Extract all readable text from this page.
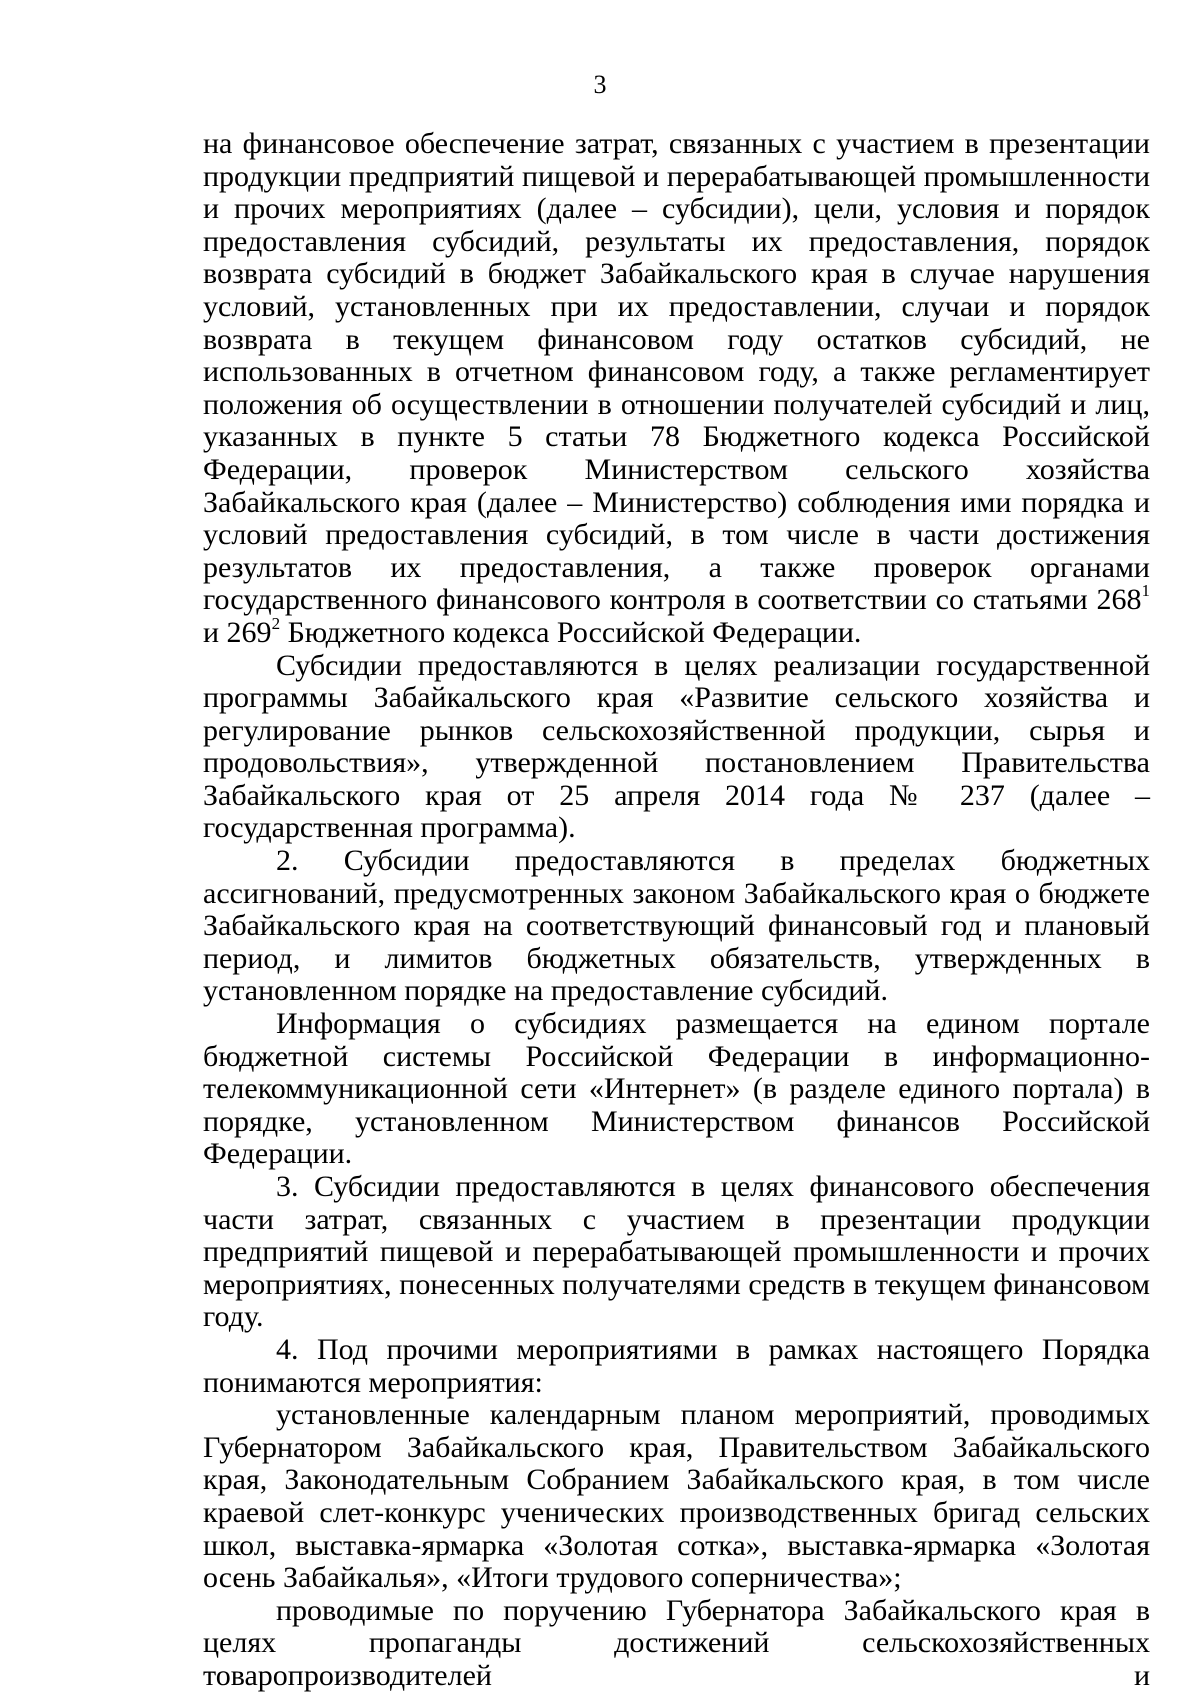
3

на финансовое обеспечение затрат, связанных с участием в презентации продукции предприятий пищевой и перерабатывающей промышленности и прочих мероприятиях (далее – субсидии), цели, условия и порядок предоставления субсидий, результаты их предоставления, порядок возврата субсидий в бюджет Забайкальского края в случае нарушения условий, установленных при их предоставлении, случаи и порядок возврата в текущем финансовом году остатков субсидий, не использованных в отчетном финансовом году, а также регламентирует положения об осуществлении в отношении получателей субсидий и лиц, указанных в пункте 5 статьи 78 Бюджетного кодекса Российской Федерации, проверок Министерством сельского хозяйства Забайкальского края (далее – Министерство) соблюдения ими порядка и условий предоставления субсидий, в том числе в части достижения результатов их предоставления, а также проверок органами государственного финансового контроля в соответствии со статьями $268^1$ и $269^2$ Бюджетного кодекса Российской Федерации.

Субсидии предоставляются в целях реализации государственной программы Забайкальского края «Развитие сельского хозяйства и регулирование рынков сельскохозяйственной продукции, сырья и продовольствия», утвержденной постановлением Правительства Забайкальского края от 25 апреля 2014 года № 237 (далее – государственная программа).

2. Субсидии предоставляются в пределах бюджетных ассигнований, предусмотренных законом Забайкальского края о бюджете Забайкальского края на соответствующий финансовый год и плановый период, и лимитов бюджетных обязательств, утвержденных в установленном порядке на предоставление субсидий.

Информация о субсидиях размещается на едином портале бюджетной системы Российской Федерации в информационно-телекоммуникационной сети «Интернет» (в разделе единого портала) в порядке, установленном Министерством финансов Российской Федерации.

3. Субсидии предоставляются в целях финансового обеспечения части затрат, связанных с участием в презентации продукции предприятий пищевой и перерабатывающей промышленности и прочих мероприятиях, понесенных получателями средств в текущем финансовом году.

4. Под прочими мероприятиями в рамках настоящего Порядка понимаются мероприятия:

установленные календарным планом мероприятий, проводимых Губернатором Забайкальского края, Правительством Забайкальского края, Законодательным Собранием Забайкальского края, в том числе краевой слет-конкурс ученических производственных бригад сельских школ, выставка-ярмарка «Золотая сотка», выставка-ярмарка «Золотая осень Забайкалья», «Итоги трудового соперничества»;

проводимые по поручению Губернатора Забайкальского края в целях пропаганды достижений сельскохозяйственных товаропроизводителей и
